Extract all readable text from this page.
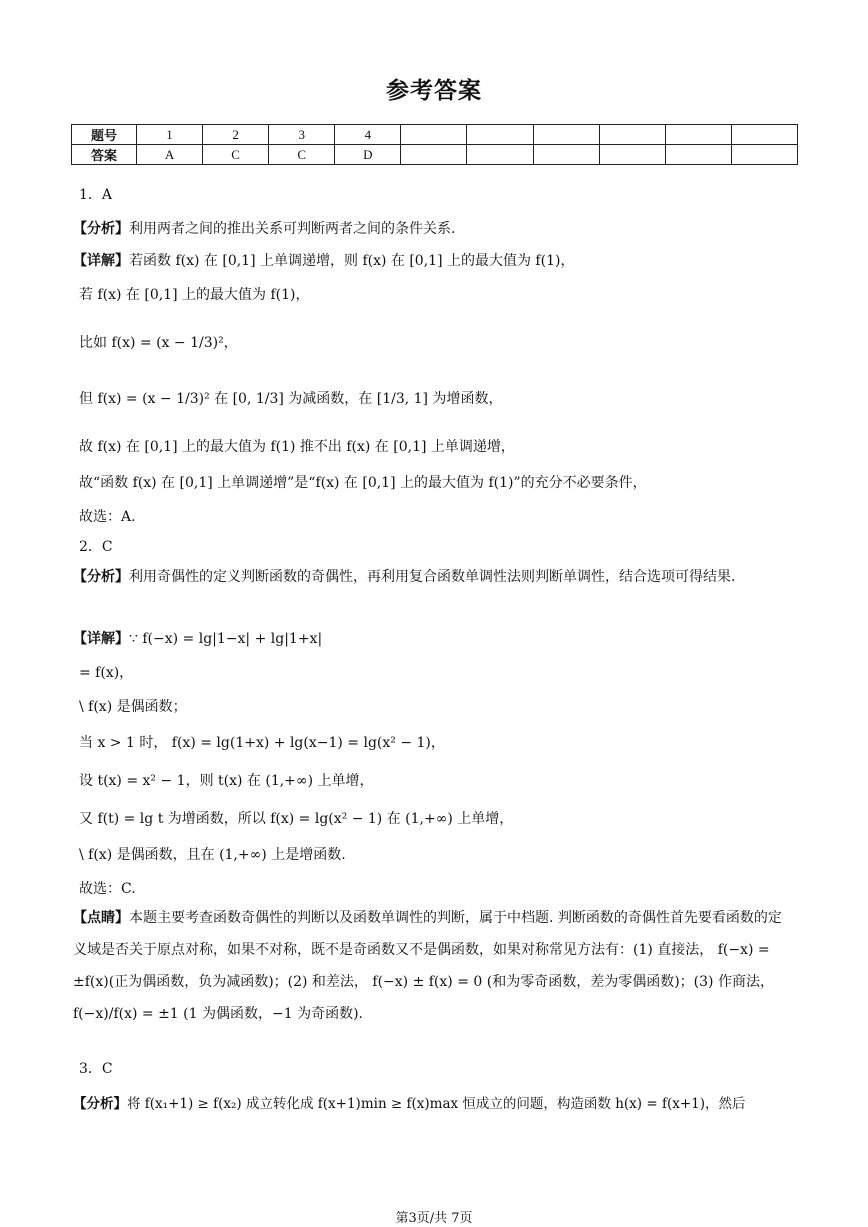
参考答案
题号	1	2	3	4						
答案	A	C	C	D						
1．A
【分析】利用两者之间的推出关系可判断两者之间的条件关系.
【详解】若函数 f(x) 在 [0,1] 上单调递增，则 f(x) 在 [0,1] 上的最大值为 f(1)，
若 f(x) 在 [0,1] 上的最大值为 f(1)，
比如 f(x) = (x − 1/3)²，
但 f(x) = (x − 1/3)² 在 [0, 1/3] 为减函数，在 [1/3, 1] 为增函数，
故 f(x) 在 [0,1] 上的最大值为 f(1) 推不出 f(x) 在 [0,1] 上单调递增，
故“函数 f(x) 在 [0,1] 上单调递增”是“f(x) 在 [0,1] 上的最大值为 f(1)”的充分不必要条件，
故选：A.
2．C
【分析】利用奇偶性的定义判断函数的奇偶性，再利用复合函数单调性法则判断单调性，结合选项可得结果.
【详解】∵ f(−x) = lg|1−x| + lg|1+x|
= f(x)，
\ f(x) 是偶函数；
当 x > 1 时， f(x) = lg(1+x) + lg(x−1) = lg(x² − 1)，
设 t(x) = x² − 1，则 t(x) 在 (1,+∞) 上单增，
又 f(t) = lg t 为增函数，所以 f(x) = lg(x² − 1) 在 (1,+∞) 上单增，
\ f(x) 是偶函数，且在 (1,+∞) 上是增函数.
故选：C.
【点睛】本题主要考查函数奇偶性的判断以及函数单调性的判断，属于中档题. 判断函数的奇偶性首先要看函数的定义域是否关于原点对称，如果不对称，既不是奇函数又不是偶函数，如果对称常见方法有：(1) 直接法， f(−x) = ±f(x)(正为偶函数，负为减函数)；(2) 和差法， f(−x) ± f(x) = 0 (和为零奇函数，差为零偶函数)；(3) 作商法， f(−x)/f(x) = ±1 (1 为偶函数，−1 为奇函数).
3．C
【分析】将 f(x₁+1) ≥ f(x₂) 成立转化成 f(x+1)min ≥ f(x)max 恒成立的问题，构造函数 h(x) = f(x+1)，然后
第3页/共 7页
